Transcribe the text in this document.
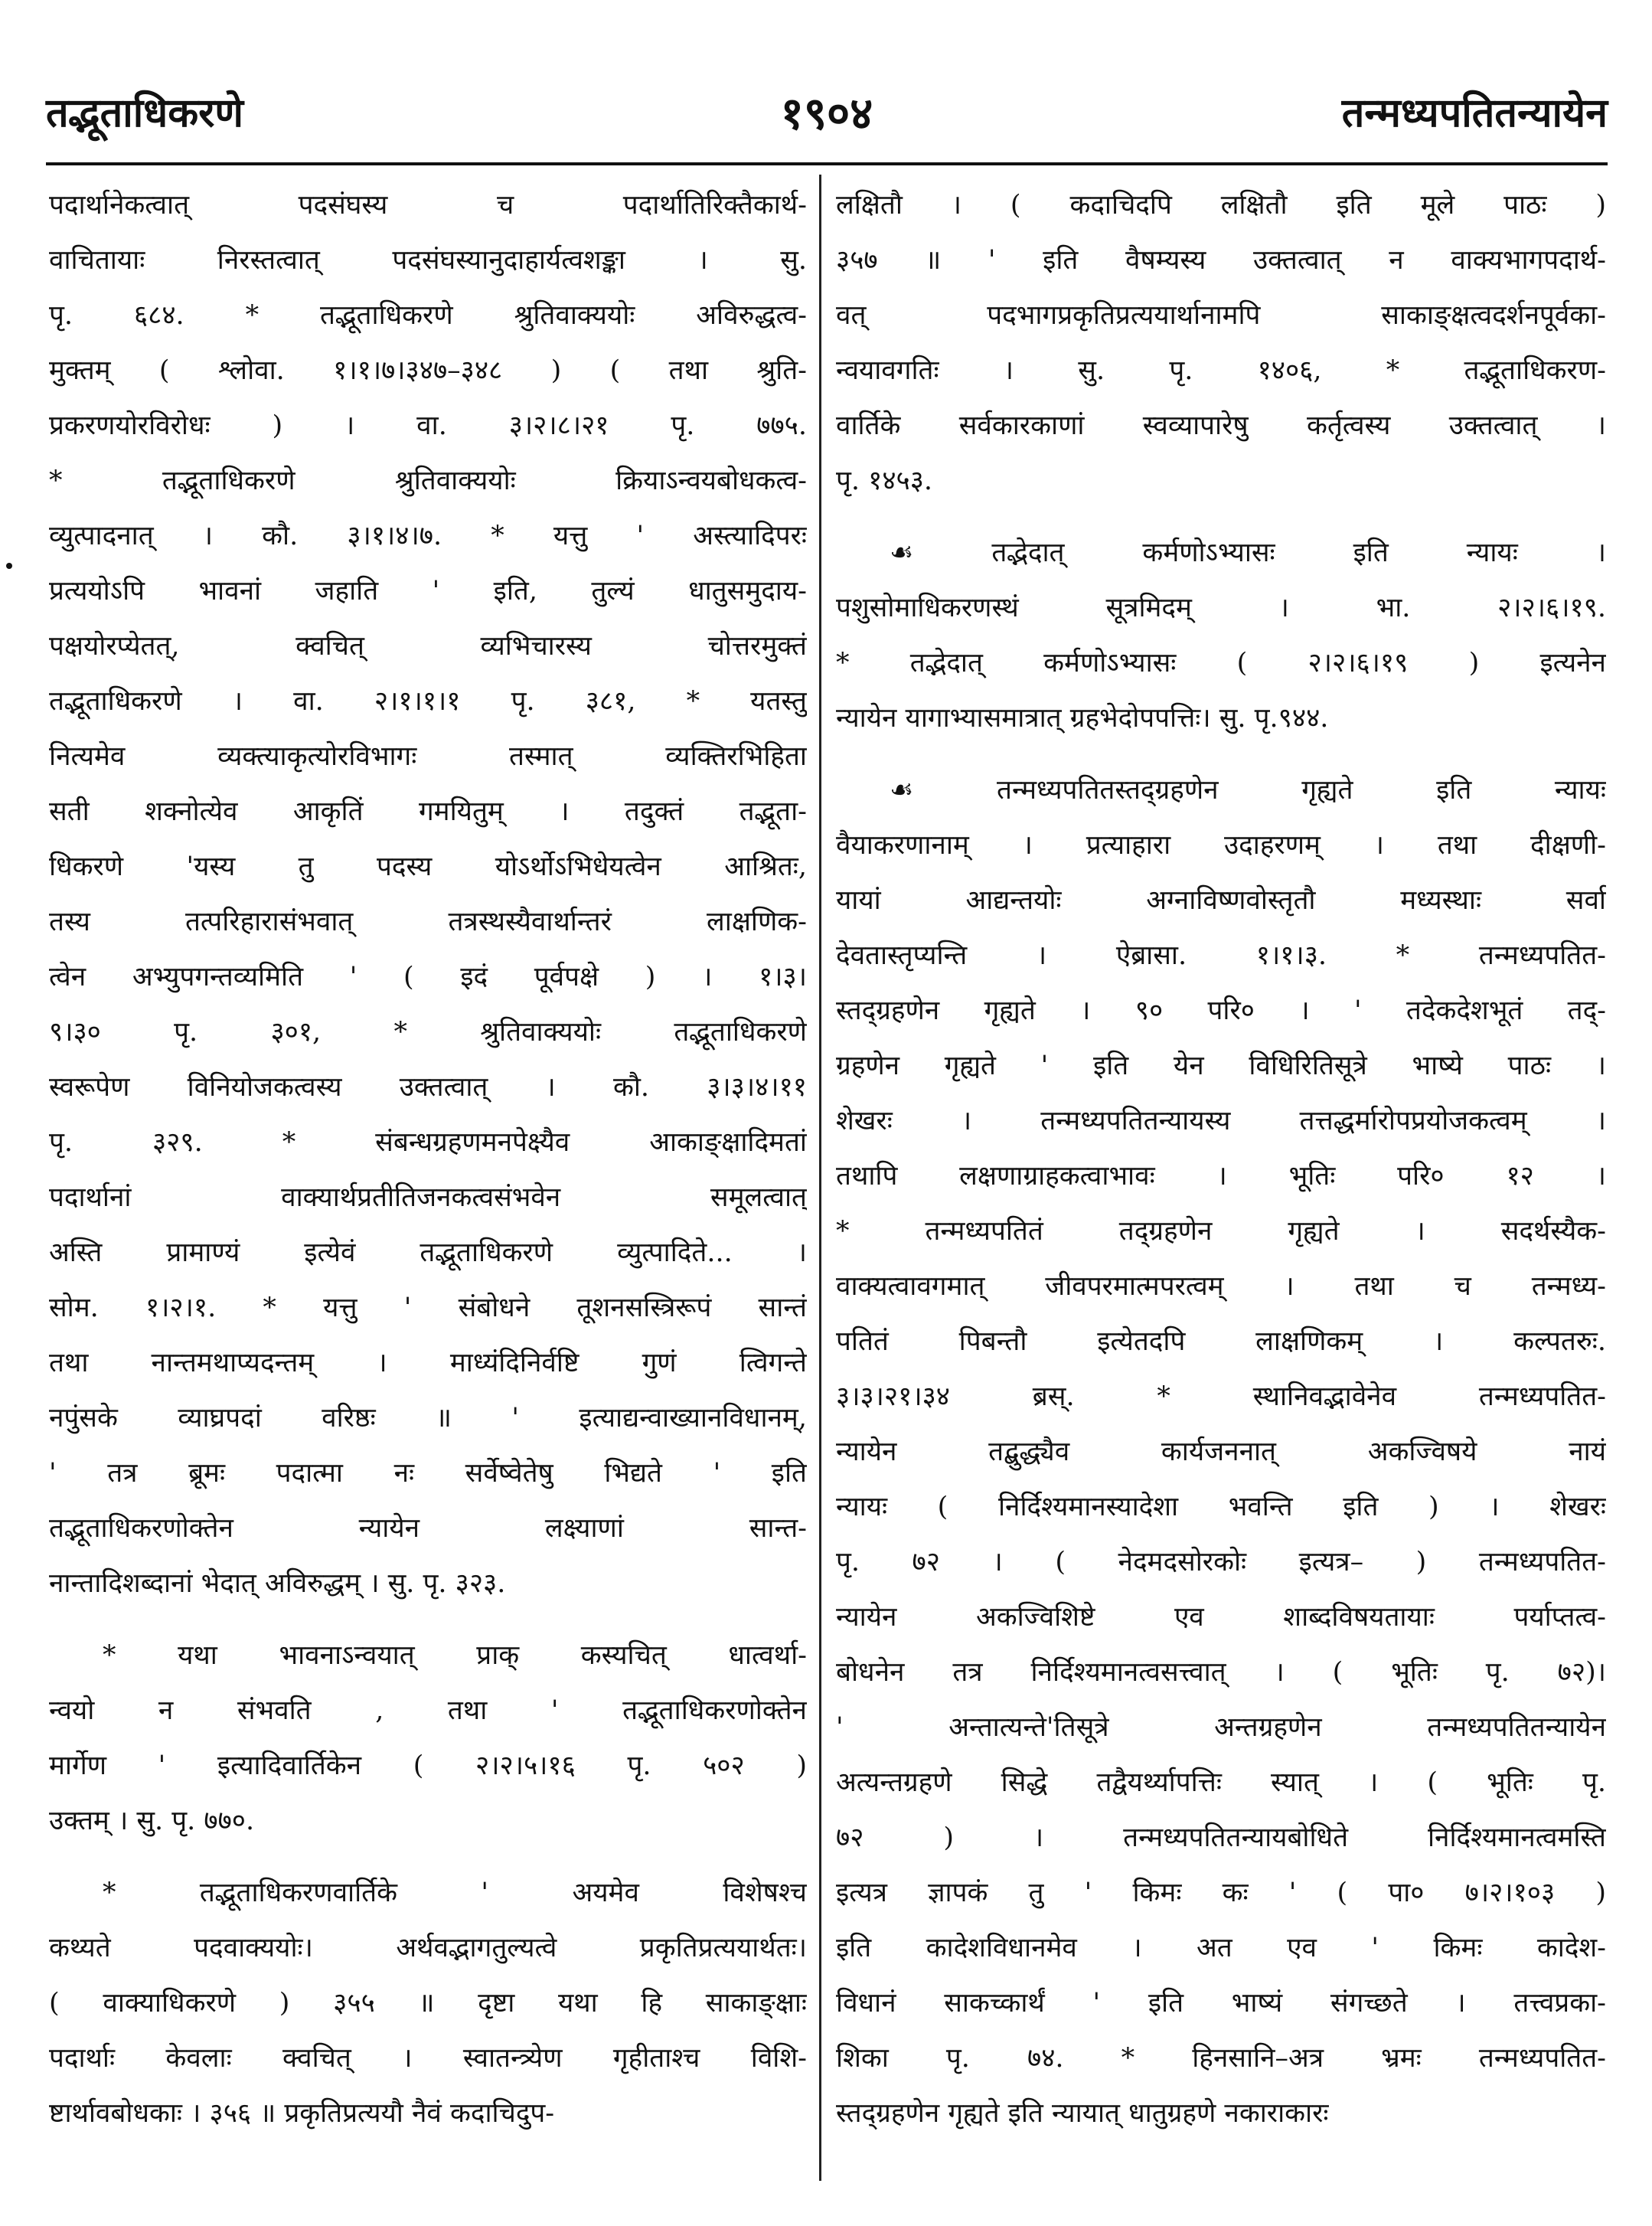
तद्भूताधिकरणे	१९०४	तन्मध्यपतितन्यायेन
पदार्थानेकत्वात् पदसंघस्य च पदार्थातिरिक्तैकार्थ-
वाचितायाः निरस्तत्वात् पदसंघस्यानुदाहार्यत्वशङ्का । सु.
पृ. ६८४. * तद्भूताधिकरणे श्रुतिवाक्ययोः अविरुद्धत्व-
मुक्तम् ( श्लोवा. १।१।७।३४७–३४८ ) ( तथा श्रुति-
प्रकरणयोरविरोधः ) । वा. ३।२।८।२१ पृ. ७७५.
* तद्भूताधिकरणे श्रुतिवाक्ययोः क्रियाऽन्वयबोधकत्व-
व्युत्पादनात् । कौ. ३।१।४।७. * यत्तु ' अस्त्यादिपरः
प्रत्ययोऽपि भावनां जहाति ' इति, तुल्यं धातुसमुदाय-
पक्षयोरप्येतत्, क्वचित् व्यभिचारस्य चोत्तरमुक्तं
तद्भूताधिकरणे । वा. २।१।१।१ पृ. ३८१, * यतस्तु
नित्यमेव व्यक्त्याकृत्योरविभागः तस्मात् व्यक्तिरभिहिता
सती शक्नोत्येव आकृतिं गमयितुम् । तदुक्तं तद्भूता-
धिकरणे 'यस्य तु पदस्य योऽर्थोऽभिधेयत्वेन आश्रितः,
तस्य तत्परिहारासंभवात् तत्रस्थस्यैवार्थान्तरं लाक्षणिक-
त्वेन अभ्युपगन्तव्यमिति ' ( इदं पूर्वपक्षे ) । १।३।
९।३० पृ. ३०१, * श्रुतिवाक्ययोः तद्भूताधिकरणे
स्वरूपेण विनियोजकत्वस्य उक्तत्वात् । कौ. ३।३।४।११
पृ. ३२९. * संबन्धग्रहणमनपेक्ष्यैव आकाङ्क्षादिमतां
पदार्थानां वाक्यार्थप्रतीतिजनकत्वसंभवेन समूलत्वात्
अस्ति प्रामाण्यं इत्येवं तद्भूताधिकरणे व्युत्पादिते... ।
सोम. १।२।१. * यत्तु ' संबोधने तूशनसस्त्रिरूपं सान्तं
तथा नान्तमथाप्यदन्तम् । माध्यंदिनिर्वष्टि गुणं त्विगन्ते
नपुंसके व्याघ्रपदां वरिष्ठः ॥ ' इत्याद्यन्वाख्यानविधानम्,
' तत्र ब्रूमः पदात्मा नः सर्वेष्वेतेषु भिद्यते ' इति
तद्भूताधिकरणोक्तेन न्यायेन लक्ष्याणां सान्त-
नान्तादिशब्दानां भेदात् अविरुद्धम् । सु. पृ. ३२३.
* यथा भावनाऽन्वयात् प्राक् कस्यचित् धात्वर्था-
न्वयो न संभवति , तथा ' तद्भूताधिकरणोक्तेन
मार्गेण ' इत्यादिवार्तिकेन ( २।२।५।१६ पृ. ५०२ )
उक्तम् । सु. पृ. ७७०.
* तद्भूताधिकरणवार्तिके ' अयमेव विशेषश्च
कथ्यते पदवाक्ययोः। अर्थवद्भागतुल्यत्वे प्रकृतिप्रत्ययार्थतः।
( वाक्याधिकरणे ) ३५५ ॥ दृष्टा यथा हि साकाङ्क्षाः
पदार्थाः केवलाः क्वचित् । स्वातन्त्र्येण गृहीताश्च विशि-
ष्टार्थावबोधकाः । ३५६ ॥ प्रकृतिप्रत्ययौ नैवं कदाचिदुप-
लक्षितौ । ( कदाचिदपि लक्षितौ इति मूले पाठः )
३५७ ॥ ' इति वैषम्यस्य उक्तत्वात् न वाक्यभागपदार्थ-
वत् पदभागप्रकृतिप्रत्ययार्थानामपि साकाङ्क्षत्वदर्शनपूर्वका-
न्वयावगतिः । सु. पृ. १४०६, * तद्भूताधिकरण-
वार्तिके सर्वकारकाणां स्वव्यापारेषु कर्तृत्वस्य उक्तत्वात् ।
पृ. १४५३.
☙ तद्भेदात् कर्मणोऽभ्यासः इति न्यायः ।
पशुसोमाधिकरणस्थं सूत्रमिदम् । भा. २।२।६।१९.
* तद्भेदात् कर्मणोऽभ्यासः ( २।२।६।१९ ) इत्यनेन
न्यायेन यागाभ्यासमात्रात् ग्रहभेदोपपत्तिः। सु. पृ.९४४.
☙ तन्मध्यपतितस्तद्ग्रहणेन गृह्यते इति न्यायः
वैयाकरणानाम् । प्रत्याहारा उदाहरणम् । तथा दीक्षणी-
यायां आद्यन्तयोः अग्नाविष्णवोस्तृतौ मध्यस्थाः सर्वा
देवतास्तृप्यन्ति । ऐब्रासा. १।१।३. * तन्मध्यपतित-
स्तद्ग्रहणेन गृह्यते । ९० परि० । ' तदेकदेशभूतं तद्-
ग्रहणेन गृह्यते ' इति येन विधिरितिसूत्रे भाष्ये पाठः ।
शेखरः । तन्मध्यपतितन्यायस्य तत्तद्धर्मारोपप्रयोजकत्वम् ।
तथापि लक्षणाग्राहकत्वाभावः । भूतिः परि० १२ ।
* तन्मध्यपतितं तद्ग्रहणेन गृह्यते । सदर्थस्यैक-
वाक्यत्वावगमात् जीवपरमात्मपरत्वम् । तथा च तन्मध्य-
पतितं पिबन्तौ इत्येतदपि लाक्षणिकम् । कल्पतरुः.
३।३।२१।३४ ब्रस्. * स्थानिवद्भावेनेव तन्मध्यपतित-
न्यायेन तद्बुद्ध्यैव कार्यजननात् अकज्विषये नायं
न्यायः ( निर्दिश्यमानस्यादेशा भवन्ति इति ) । शेखरः
पृ. ७२ । ( नेदमदसोरकोः इत्यत्र– ) तन्मध्यपतित-
न्यायेन अकज्विशिष्टे एव शाब्दविषयतायाः पर्याप्तत्व-
बोधनेन तत्र निर्दिश्यमानत्वसत्त्वात् । ( भूतिः पृ. ७२)।
' अन्तात्यन्ते'तिसूत्रे अन्तग्रहणेन तन्मध्यपतितन्यायेन
अत्यन्तग्रहणे सिद्धे तद्वैयर्थ्यापत्तिः स्यात् । ( भूतिः पृ.
७२ ) । तन्मध्यपतितन्यायबोधिते निर्दिश्यमानत्वमस्ति
इत्यत्र ज्ञापकं तु ' किमः कः ' ( पा० ७।२।१०३ )
इति कादेशविधानमेव । अत एव ' किमः कादेश-
विधानं साकच्कार्थं ' इति भाष्यं संगच्छते । तत्त्वप्रका-
शिका पृ. ७४. * हिनसानि–अत्र भ्रमः तन्मध्यपतित-
स्तद्ग्रहणेन गृह्यते इति न्यायात् धातुग्रहणे नकाराकारः
